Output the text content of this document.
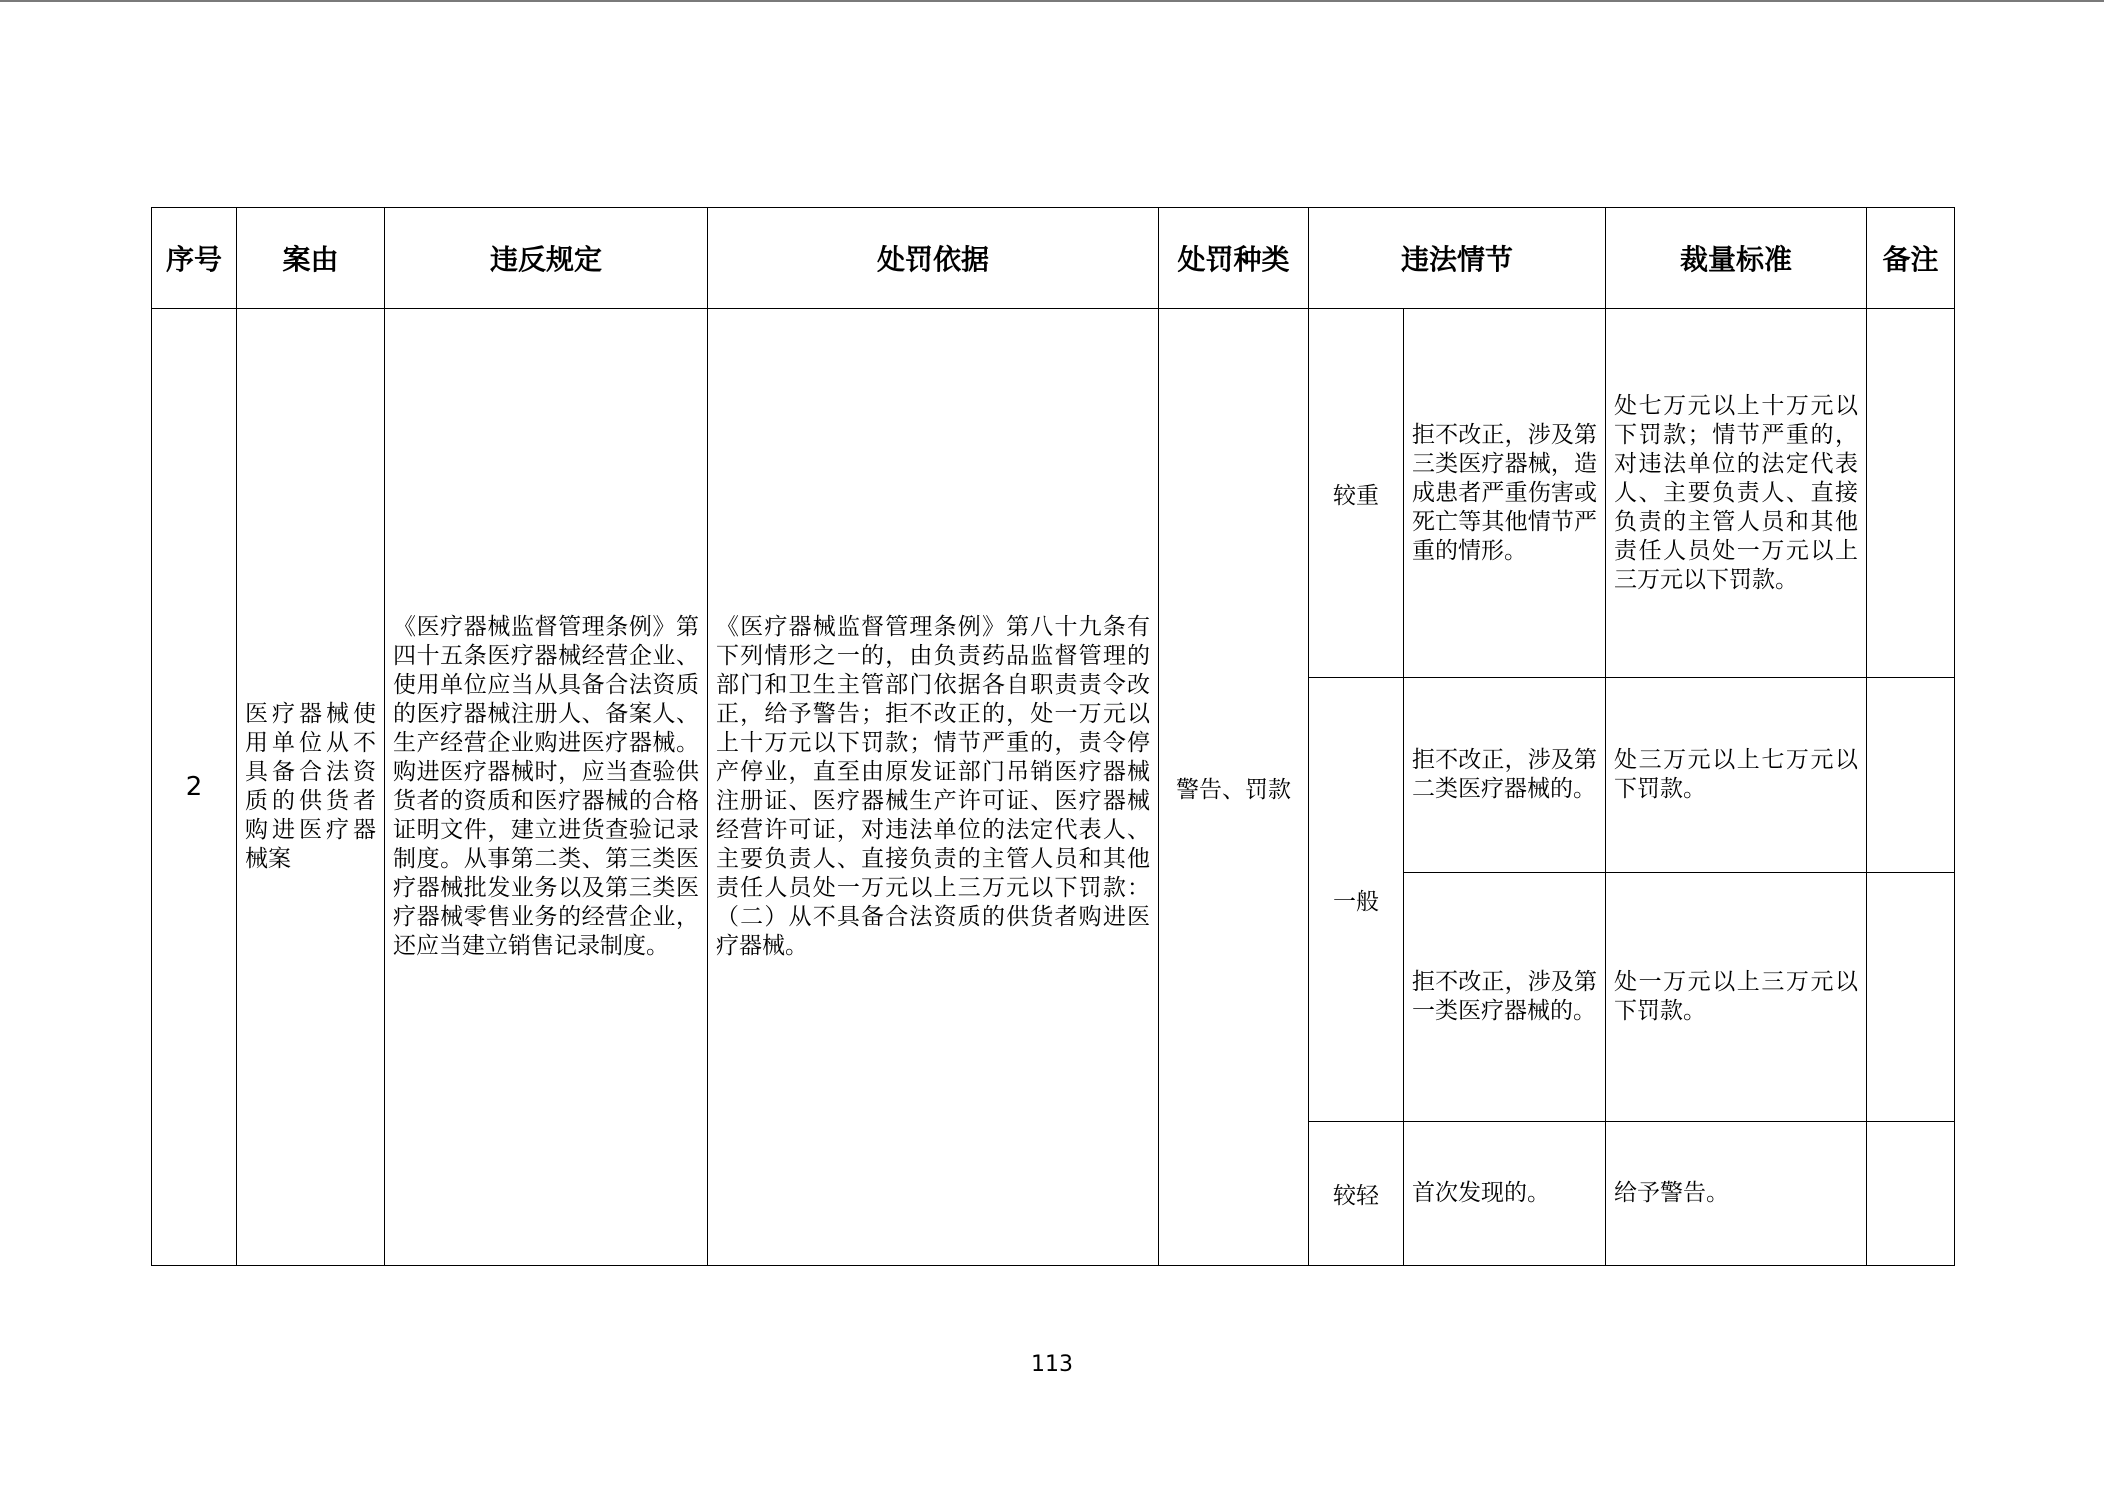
序号	案由	违反规定	处罚依据	处罚种类	违法情节		裁量标准	备注
2	医疗器械使用单位从不具备合法资质的供货者购进医疗器械案	《医疗器械监督管理条例》第四十五条医疗器械经营企业、使用单位应当从具备合法资质的医疗器械注册人、备案人、生产经营企业购进医疗器械。购进医疗器械时，应当查验供货者的资质和医疗器械的合格证明文件，建立进货查验记录制度。从事第二类、第三类医疗器械批发业务以及第三类医疗器械零售业务的经营企业，还应当建立销售记录制度。	《医疗器械监督管理条例》第八十九条有下列情形之一的，由负责药品监督管理的部门和卫生主管部门依据各自职责责令改正，给予警告；拒不改正的，处一万元以上十万元以下罚款；情节严重的，责令停产停业，直至由原发证部门吊销医疗器械注册证、医疗器械生产许可证、医疗器械经营许可证，对违法单位的法定代表人、主要负责人、直接负责的主管人员和其他责任人员处一万元以上三万元以下罚款：（二）从不具备合法资质的供货者购进医疗器械。	警告、罚款	较重	拒不改正，涉及第三类医疗器械，造成患者严重伤害或死亡等其他情节严重的情形。	处七万元以上十万元以下罚款；情节严重的，对违法单位的法定代表人、主要负责人、直接负责的主管人员和其他责任人员处一万元以上三万元以下罚款。	
					一般	拒不改正，涉及第二类医疗器械的。	处三万元以上七万元以下罚款。	
						拒不改正，涉及第一类医疗器械的。	处一万元以上三万元以下罚款。	
					较轻	首次发现的。	给予警告。	
113
